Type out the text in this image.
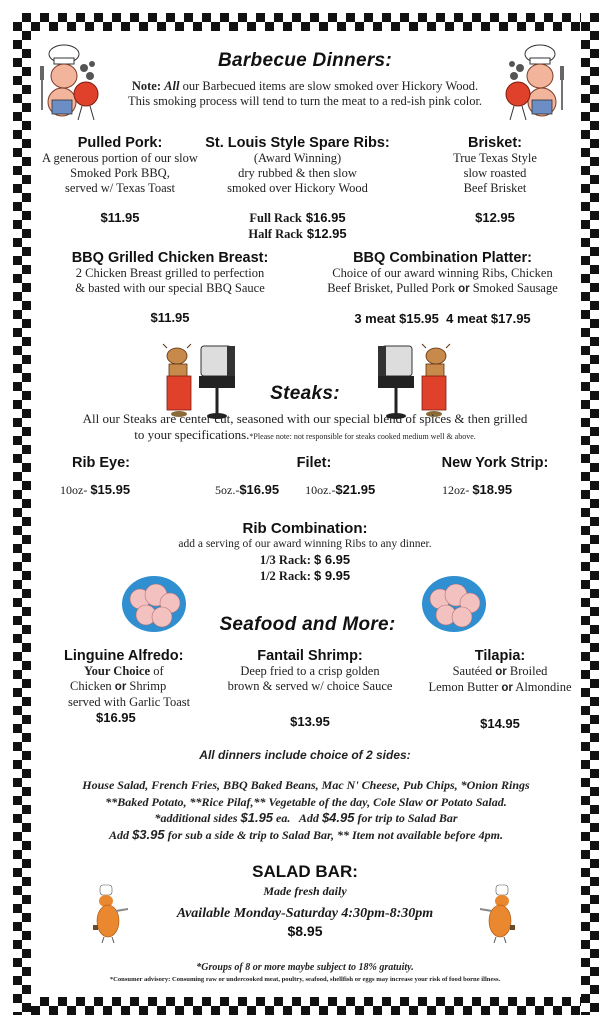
Barbecue Dinners:
Note: All our Barbecued items are slow smoked over Hickory Wood.
This smoking process will tend to turn the meat to a red-ish pink color.
Pulled Pork:
A generous portion of our slow
Smoked Pork BBQ,
served w/ Texas Toast
$11.95
St. Louis Style Spare Ribs:
(Award Winning)
dry rubbed & then slow
smoked over Hickory Wood
Full Rack $16.95
Half Rack $12.95
Brisket:
True Texas Style
slow roasted
Beef Brisket
$12.95
BBQ Grilled Chicken Breast:
2 Chicken Breast grilled to perfection
& basted with our special BBQ Sauce
$11.95
BBQ Combination Platter:
Choice of our award winning Ribs, Chicken
Beef Brisket, Pulled Pork or Smoked Sausage
3 meat $15.95  4 meat $17.95
Steaks:
All our Steaks are center cut, seasoned with our special blend of spices & then grilled
to your specifications.*Please note: not responsible for steaks cooked medium well & above.
Rib Eye:
10oz- $15.95
Filet:
5oz.-$16.95 10oz.-$21.95
New York Strip:
12oz- $18.95
Rib Combination:
add a serving of our award winning Ribs to any dinner.
1/3 Rack: $ 6.95
1/2 Rack: $ 9.95
Seafood and More:
Linguine Alfredo:
Your Choice of
Chicken or Shrimp
served with Garlic Toast
$16.95
Fantail Shrimp:
Deep fried to a crisp golden
brown & served w/ choice Sauce
$13.95
Tilapia:
Sautéed or Broiled
Lemon Butter or Almondine
$14.95
All dinners include choice of 2 sides:
House Salad, French Fries, BBQ Baked Beans, Mac N' Cheese, Pub Chips, *Onion Rings
**Baked Potato, **Rice Pilaf,** Vegetable of the day, Cole Slaw or Potato Salad.
*additional sides $1.95 ea.   Add $4.95 for trip to Salad Bar
Add $3.95 for sub a side & trip to Salad Bar, ** Item not available before 4pm.
SALAD BAR:
Made fresh daily
Available Monday-Saturday 4:30pm-8:30pm
$8.95
*Groups of 8 or more maybe subject to 18% gratuity.
*Consumer advisory: Consuming raw or undercooked meat, poultry, seafood, shellfish or eggs may increase your risk of food borne illness.
